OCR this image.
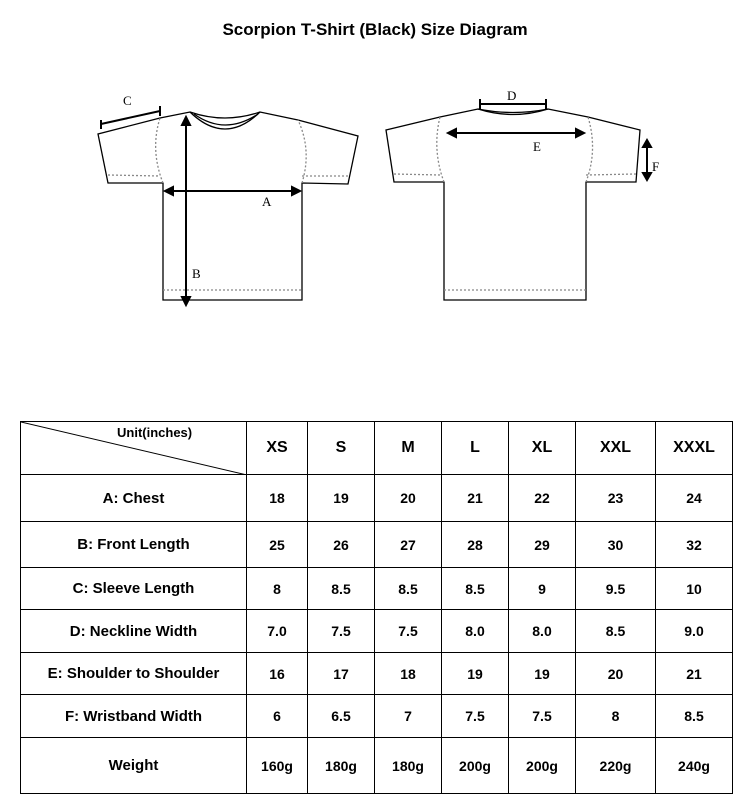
Scorpion T-Shirt (Black) Size Diagram
C
A
B
D
E
F
Unit(inches)	XS	S	M	L	XL	XXL	XXXL
A: Chest	18	19	20	21	22	23	24
B: Front Length	25	26	27	28	29	30	32
C: Sleeve Length	8	8.5	8.5	8.5	9	9.5	10
D: Neckline Width	7.0	7.5	7.5	8.0	8.0	8.5	9.0
E: Shoulder to Shoulder	16	17	18	19	19	20	21
F: Wristband Width	6	6.5	7	7.5	7.5	8	8.5
Weight	160g	180g	180g	200g	200g	220g	240g
